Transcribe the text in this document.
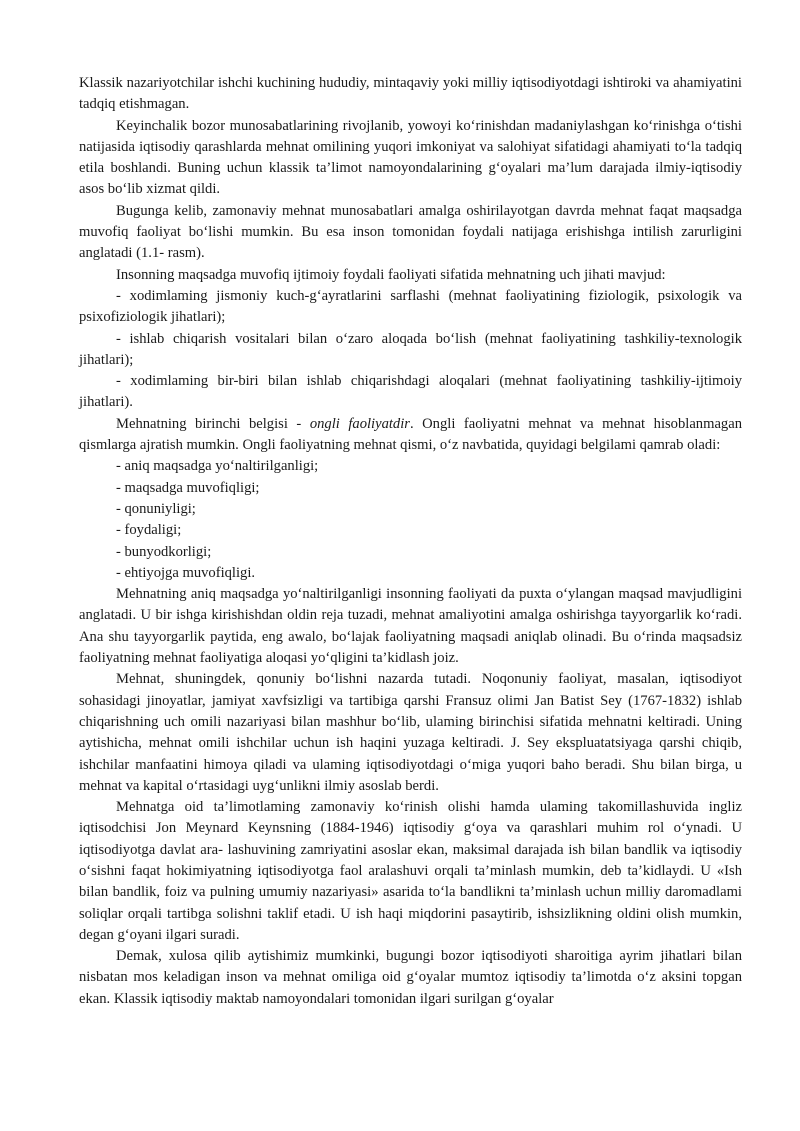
Klassik nazariyotchilar ishchi kuchining hududiy, mintaqaviy yoki milliy iqtisodiyotdagi ishtiroki va ahamiyatini tadqiq etishmagan.

Keyinchalik bozor munosabatlarining rivojlanib, yowoyi ko‘rinishdan madaniylashgan ko‘rinishga o‘tishi natijasida iqtisodiy qarashlarda mehnat omilining yuqori imkoniyat va salohiyat sifatidagi ahamiyati to‘la tadqiq etila boshlandi. Buning uchun klassik ta’limot namoyondalarining g‘oyalari ma’lum darajada ilmiy-iqtisodiy asos bo‘lib xizmat qildi.

Bugunga kelib, zamonaviy mehnat munosabatlari amalga oshirilayotgan davrda mehnat faqat maqsadga muvofiq faoliyat bo‘lishi mumkin. Bu esa inson tomonidan foydali natijaga erishishga intilish zarurligini anglatadi (1.1- rasm).

Insonning maqsadga muvofiq ijtimoiy foydali faoliyati sifatida mehnatning uch jihati mavjud:

- xodimlaming jismoniy kuch-g‘ayratlarini sarflashi (mehnat faoliyatining fiziologik, psixologik va psixofiziologik jihatlari);

- ishlab chiqarish vositalari bilan o‘zaro aloqada bo‘lish (mehnat faoliyatining tashkiliy-texnologik jihatlari);

- xodimlaming bir-biri bilan ishlab chiqarishdagi aloqalari (mehnat faoliyatining tashkiliy-ijtimoiy jihatlari).

Mehnatning birinchi belgisi - ongli faoliyatdir. Ongli faoliyatni mehnat va mehnat hisoblanmagan qismlarga ajratish mumkin. Ongli faoliyatning mehnat qismi, o‘z navbatida, quyidagi belgilami qamrab oladi:

- aniq maqsadga yo‘naltirilganligi;

- maqsadga muvofiqligi;

- qonuniyligi;

- foydaligi;

- bunyodkorligi;

- ehtiyojga muvofiqligi.

Mehnatning aniq maqsadga yo‘naltirilganligi insonning faoliyati da puxta o‘ylangan maqsad mavjudligini anglatadi. U bir ishga kirishishdan oldin reja tuzadi, mehnat amaliyotini amalga oshirishga tayyorgarlik ko‘radi. Ana shu tayyorgarlik paytida, eng awalo, bo‘lajak faoliyatning maqsadi aniqlab olinadi. Bu o‘rinda maqsadsiz faoliyatning mehnat faoliyatiga aloqasi yo‘qligini ta’kidlash joiz.

Mehnat, shuningdek, qonuniy bo‘lishni nazarda tutadi. Noqonuniy faoliyat, masalan, iqtisodiyot sohasidagi jinoyatlar, jamiyat xavfsizligi va tartibiga qarshi Fransuz olimi Jan Batist Sey (1767-1832) ishlab chiqarishning uch omili nazariyasi bilan mashhur bo‘lib, ulaming birinchisi sifatida mehnatni keltiradi. Uning aytishicha, mehnat omili ishchilar uchun ish haqini yuzaga keltiradi. J. Sey ekspluatatsiyaga qarshi chiqib, ishchilar manfaatini himoya qiladi va ulaming iqtisodiyotdagi o‘miga yuqori baho beradi. Shu bilan birga, u mehnat va kapital o‘rtasidagi uyg‘unlikni ilmiy asoslab berdi.

Mehnatga oid ta’limotlaming zamonaviy ko‘rinish olishi hamda ulaming takomillashuvida ingliz iqtisodchisi Jon Meynard Keynsning (1884-1946) iqtisodiy g‘oya va qarashlari muhim rol o‘ynadi. U iqtisodiyotga davlat ara- lashuvining zamriyatini asoslar ekan, maksimal darajada ish bilan bandlik va iqtisodiy o‘sishni faqat hokimiyatning iqtisodiyotga faol aralashuvi orqali ta’minlash mumkin, deb ta’kidlaydi. U «Ish bilan bandlik, foiz va pulning umumiy nazariyasi» asarida to‘la bandlikni ta’minlash uchun milliy daromadlami soliqlar orqali tartibga solishni taklif etadi. U ish haqi miqdorini pasaytirib, ishsizlikning oldini olish mumkin, degan g‘oyani ilgari suradi.

Demak, xulosa qilib aytishimiz mumkinki, bugungi bozor iqtisodiyoti sharoitiga ayrim jihatlari bilan nisbatan mos keladigan inson va mehnat omiliga oid g‘oyalar mumtoz iqtisodiy ta’limotda o‘z aksini topgan ekan. Klassik iqtisodiy maktab namoyondalari tomonidan ilgari surilgan g‘oyalar
